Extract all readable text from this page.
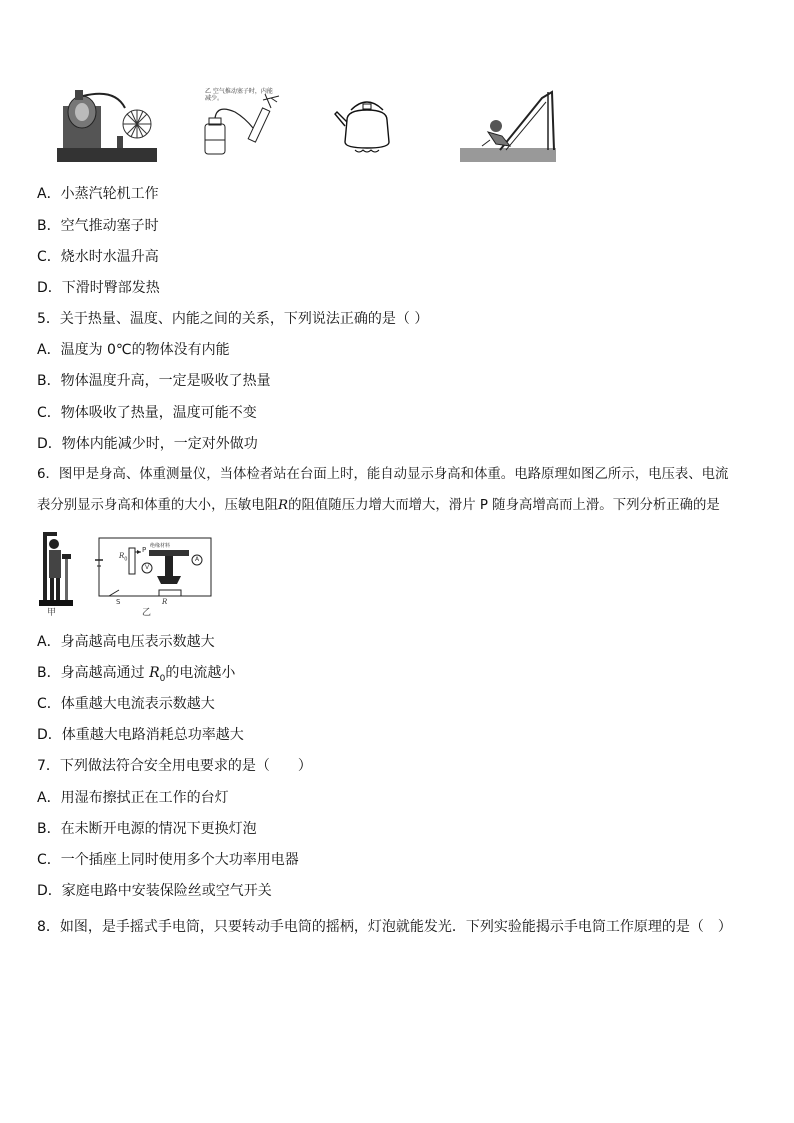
乙 空气推动塞子时，内能减少。
A．小蒸汽轮机工作
B．空气推动塞子时
C．烧水时水温升高
D．下滑时臀部发热
5．关于热量、温度、内能之间的关系，下列说法正确的是（ ）
A．温度为 0℃的物体没有内能
B．物体温度升高，一定是吸收了热量
C．物体吸收了热量，温度可能不变
D．物体内能减少时，一定对外做功
6．图甲是身高、体重测量仪，当体检者站在台面上时，能自动显示身高和体重。电路原理如图乙所示，电压表、电流
表分别显示身高和体重的大小，压敏电阻R的阻值随压力增大而增大，滑片 P 随身高增高而上滑。下列分析正确的是
甲	乙
$R_0$
P 绝缘材料
S	R
V
A
A．身高越高电压表示数越大
B．身高越高通过 $R_0$的电流越小
C．体重越大电流表示数越大
D．体重越大电路消耗总功率越大
7．下列做法符合安全用电要求的是（　　）
A．用湿布擦拭正在工作的台灯
B．在未断开电源的情况下更换灯泡
C．一个插座上同时使用多个大功率用电器
D．家庭电路中安装保险丝或空气开关
8．如图，是手摇式手电筒，只要转动手电筒的摇柄，灯泡就能发光．下列实验能揭示手电筒工作原理的是（　）
